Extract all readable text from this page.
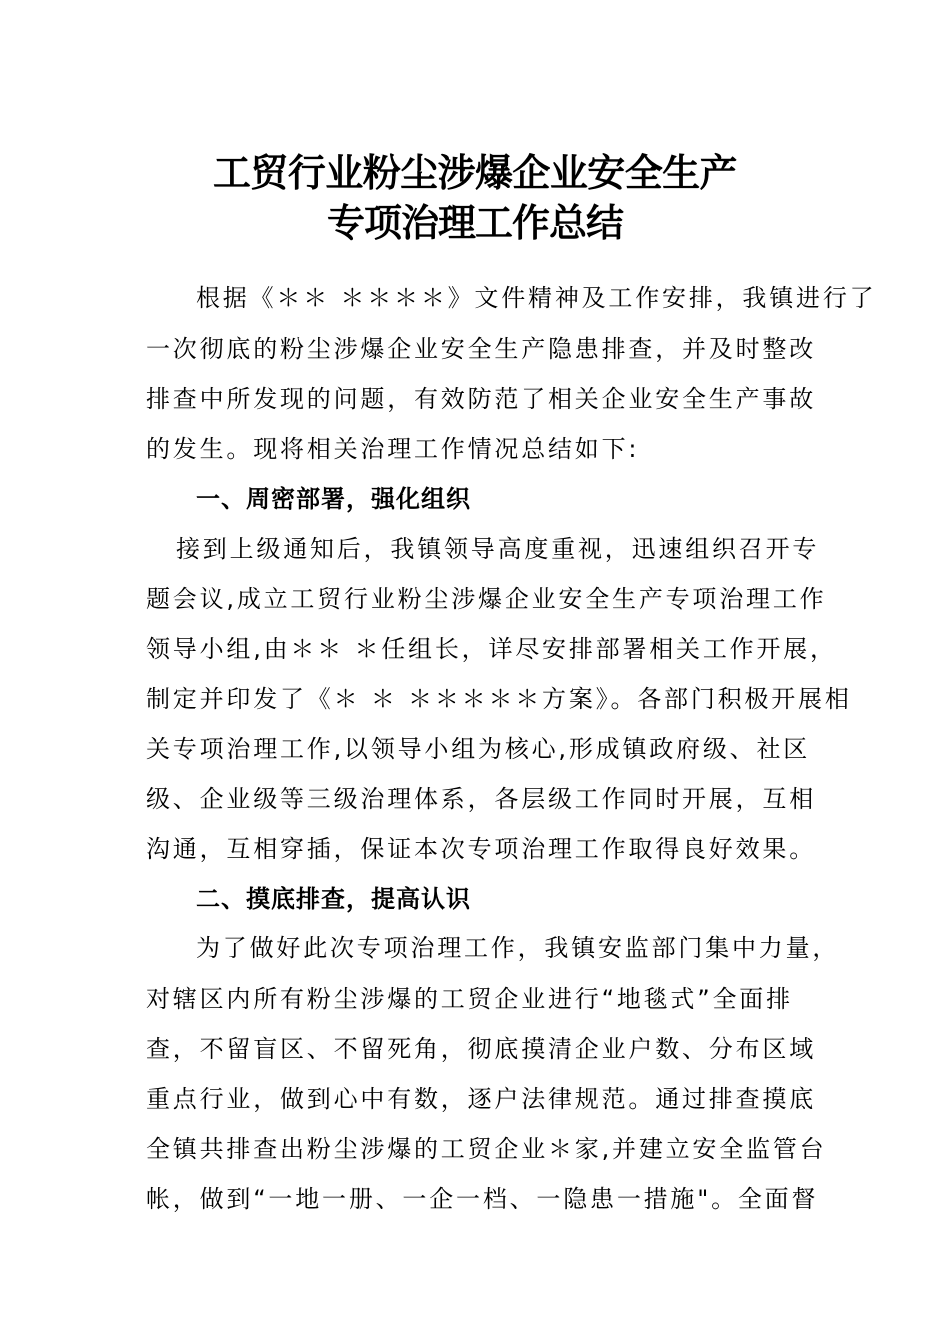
工贸行业粉尘涉爆企业安全生产
专项治理工作总结
根据《＊＊ ＊＊＊＊》文件精神及工作安排，我镇进行了
一次彻底的粉尘涉爆企业安全生产隐患排查，并及时整改
排查中所发现的问题，有效防范了相关企业安全生产事故
的发生。现将相关治理工作情况总结如下:
一、周密部署，强化组织
接到上级通知后，我镇领导高度重视，迅速组织召开专
题会议,成立工贸行业粉尘涉爆企业安全生产专项治理工作
领导小组,由＊＊ ＊任组长，详尽安排部署相关工作开展，
制定并印发了《＊ ＊ ＊＊＊＊＊方案》。各部门积极开展相
关专项治理工作,以领导小组为核心,形成镇政府级、社区
级、企业级等三级治理体系，各层级工作同时开展，互相
沟通，互相穿插，保证本次专项治理工作取得良好效果。
二、摸底排查，提高认识
为了做好此次专项治理工作，我镇安监部门集中力量，
对辖区内所有粉尘涉爆的工贸企业进行“地毯式”全面排
查，不留盲区、不留死角，彻底摸清企业户数、分布区域
重点行业，做到心中有数，逐户法律规范。通过排查摸底
全镇共排查出粉尘涉爆的工贸企业＊家,并建立安全监管台
帐，做到“一地一册、一企一档、一隐患一措施"。全面督
